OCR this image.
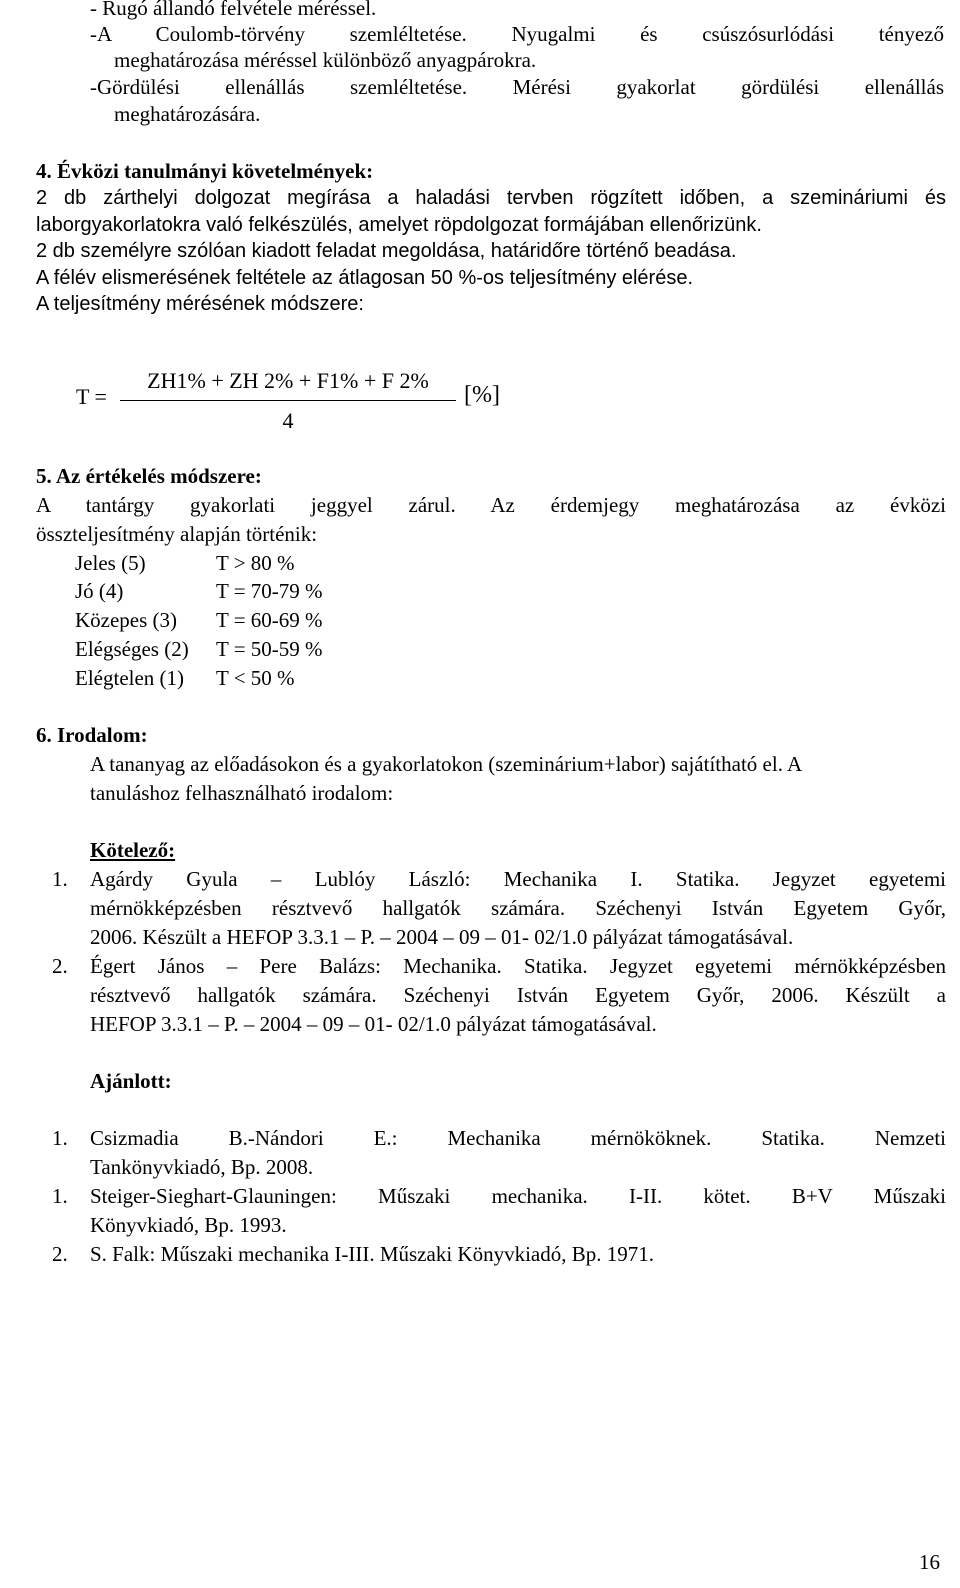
- Rugó állandó felvétele méréssel.
-A Coulomb-törvény szemléltetése. Nyugalmi és csúszósurlódási tényező
meghatározása méréssel különböző anyagpárokra.
-Gördülési ellenállás szemléltetése. Mérési gyakorlat gördülési ellenállás
meghatározására.
4. Évközi tanulmányi követelmények:
2 db zárthelyi dolgozat megírása a haladási tervben rögzített időben, a szemináriumi és
laborgyakorlatokra való felkészülés, amelyet röpdolgozat formájában ellenőrizünk.
2 db személyre szólóan kiadott feladat megoldása, határidőre történő beadása.
A félév elismerésének feltétele az átlagosan 50 %-os teljesítmény elérése.
A teljesítmény mérésének módszere:
T =
ZH1% + ZH 2% + F1% + F 2%
4
[%]
5. Az értékelés módszere:
A tantárgy gyakorlati jeggyel zárul. Az érdemjegy meghatározása az évközi
összteljesítmény alapján történik:
Jeles (5)	T > 80 %
Jó (4)	T = 70-79 %
Közepes (3) T = 60-69 %
Elégséges (2) T = 50-59 %
Elégtelen (1) T < 50 %
6. Irodalom:
A tananyag az előadásokon és a gyakorlatokon (szeminárium+labor) sajátítható el. A
tanuláshoz felhasználható irodalom:
Kötelező:
1. Agárdy Gyula – Lublóy László: Mechanika I. Statika. Jegyzet egyetemi
mérnökképzésben résztvevő hallgatók számára. Széchenyi István Egyetem Győr,
2006. Készült a HEFOP 3.3.1 – P. – 2004 – 09 – 01- 02/1.0 pályázat támogatásával.
2. Égert János – Pere Balázs: Mechanika. Statika. Jegyzet egyetemi mérnökképzésben
résztvevő hallgatók számára. Széchenyi István Egyetem Győr, 2006. Készült a
HEFOP 3.3.1 – P. – 2004 – 09 – 01- 02/1.0 pályázat támogatásával.
Ajánlott:
1. Csizmadia B.-Nándori E.: Mechanika mérnököknek. Statika. Nemzeti
Tankönyvkiadó, Bp. 2008.
1. Steiger-Sieghart-Glauningen: Műszaki mechanika. I-II. kötet. B+V Műszaki
Könyvkiadó, Bp. 1993.
2. S. Falk: Műszaki mechanika I-III. Műszaki Könyvkiadó, Bp. 1971.
16
